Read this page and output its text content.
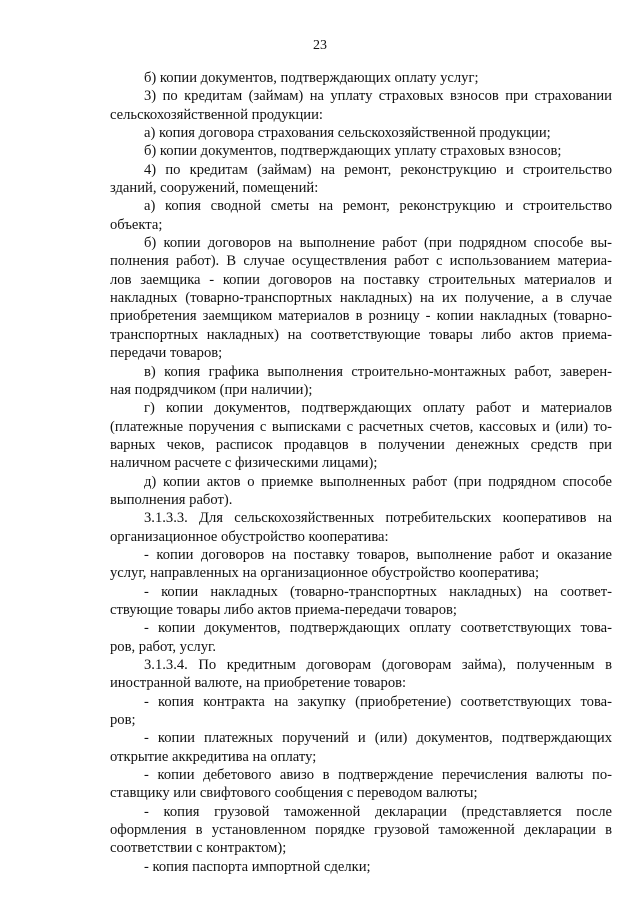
23
б) копии документов, подтверждающих оплату услуг;
3) по кредитам (займам) на уплату страховых взносов при страховании
сельскохозяйственной продукции:
а) копия договора страхования сельскохозяйственной продукции;
б) копии документов, подтверждающих уплату страховых взносов;
4) по кредитам (займам) на ремонт, реконструкцию и строительство
зданий, сооружений, помещений:
а) копия сводной сметы на ремонт, реконструкцию и строительство
объекта;
б) копии договоров на выполнение работ (при подрядном способе вы-
полнения работ). В случае осуществления работ с использованием материа-
лов заемщика - копии договоров на поставку строительных материалов и
накладных (товарно-транспортных накладных) на их получение, а в случае
приобретения заемщиком материалов в розницу - копии накладных (товарно-
транспортных накладных) на соответствующие товары либо актов приема-
передачи товаров;
в) копия графика выполнения строительно-монтажных работ, заверен-
ная подрядчиком (при наличии);
г) копии документов, подтверждающих оплату работ и материалов
(платежные поручения с выписками с расчетных счетов, кассовых и (или) то-
варных чеков, расписок продавцов в получении денежных средств при
наличном расчете с физическими лицами);
д) копии актов о приемке выполненных работ (при подрядном способе
выполнения работ).
3.1.3.3. Для сельскохозяйственных потребительских кооперативов на
организационное обустройство кооператива:
- копии договоров на поставку товаров, выполнение работ и оказание
услуг, направленных на организационное обустройство кооператива;
- копии накладных (товарно-транспортных накладных) на соответ-
ствующие товары либо актов приема-передачи товаров;
- копии документов, подтверждающих оплату соответствующих това-
ров, работ, услуг.
3.1.3.4. По кредитным договорам (договорам займа), полученным в
иностранной валюте, на приобретение товаров:
- копия контракта на закупку (приобретение) соответствующих това-
ров;
- копии платежных поручений и (или) документов, подтверждающих
открытие аккредитива на оплату;
- копии дебетового авизо в подтверждение перечисления валюты по-
ставщику или свифтового сообщения с переводом валюты;
- копия грузовой таможенной декларации (представляется после
оформления в установленном порядке грузовой таможенной декларации в
соответствии с контрактом);
- копия паспорта импортной сделки;
